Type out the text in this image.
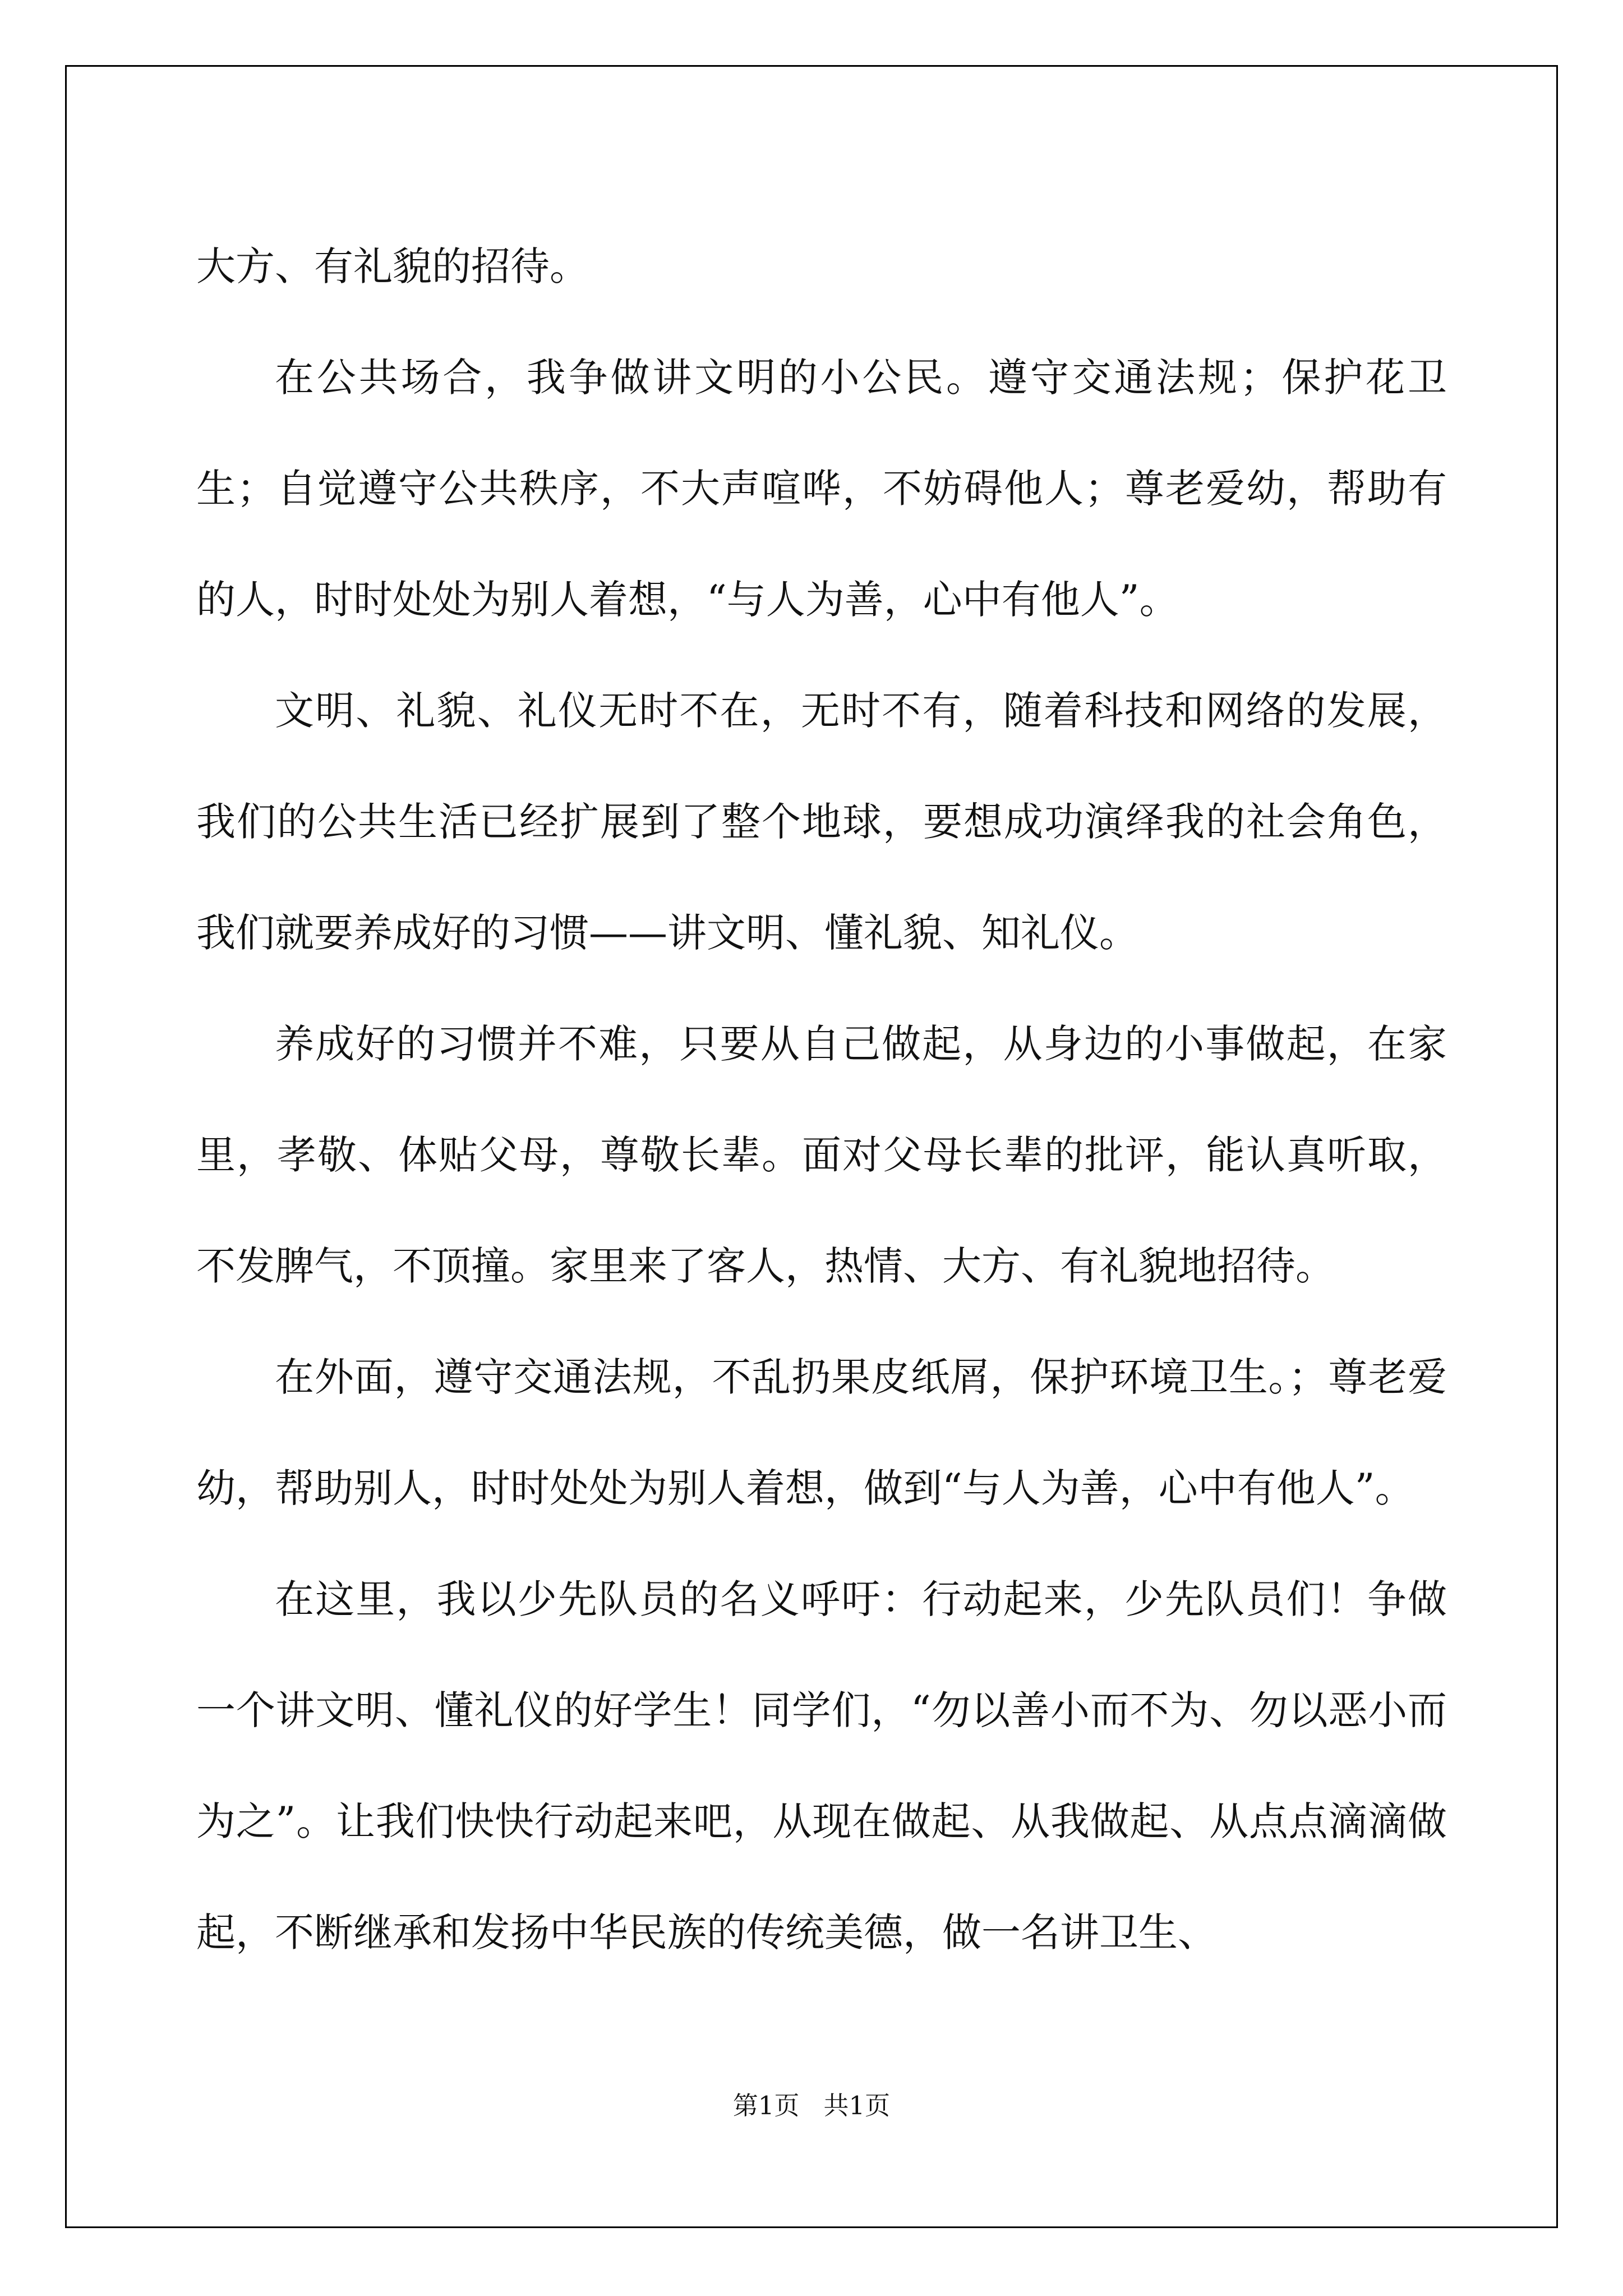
大方、有礼貌的招待。

在公共场合，我争做讲文明的小公民。遵守交通法规；保护花卫生；自觉遵守公共秩序，不大声喧哗，不妨碍他人；尊老爱幼，帮助有的人，时时处处为别人着想，“与人为善，心中有他人”。

文明、礼貌、礼仪无时不在，无时不有，随着科技和网络的发展，我们的公共生活已经扩展到了整个地球，要想成功演绎我的社会角色，我们就要养成好的习惯——讲文明、懂礼貌、知礼仪。

养成好的习惯并不难，只要从自己做起，从身边的小事做起，在家里，孝敬、体贴父母，尊敬长辈。面对父母长辈的批评，能认真听取，不发脾气，不顶撞。家里来了客人，热情、大方、有礼貌地招待。

在外面，遵守交通法规，不乱扔果皮纸屑，保护环境卫生。；尊老爱幼，帮助别人，时时处处为别人着想，做到“与人为善，心中有他人”。

在这里，我以少先队员的名义呼吁：行动起来，少先队员们！争做一个讲文明、懂礼仪的好学生！同学们，“勿以善小而不为、勿以恶小而为之”。让我们快快行动起来吧，从现在做起、从我做起、从点点滴滴做起，不断继承和发扬中华民族的传统美德，做一名讲卫生、

第1页 共1页
